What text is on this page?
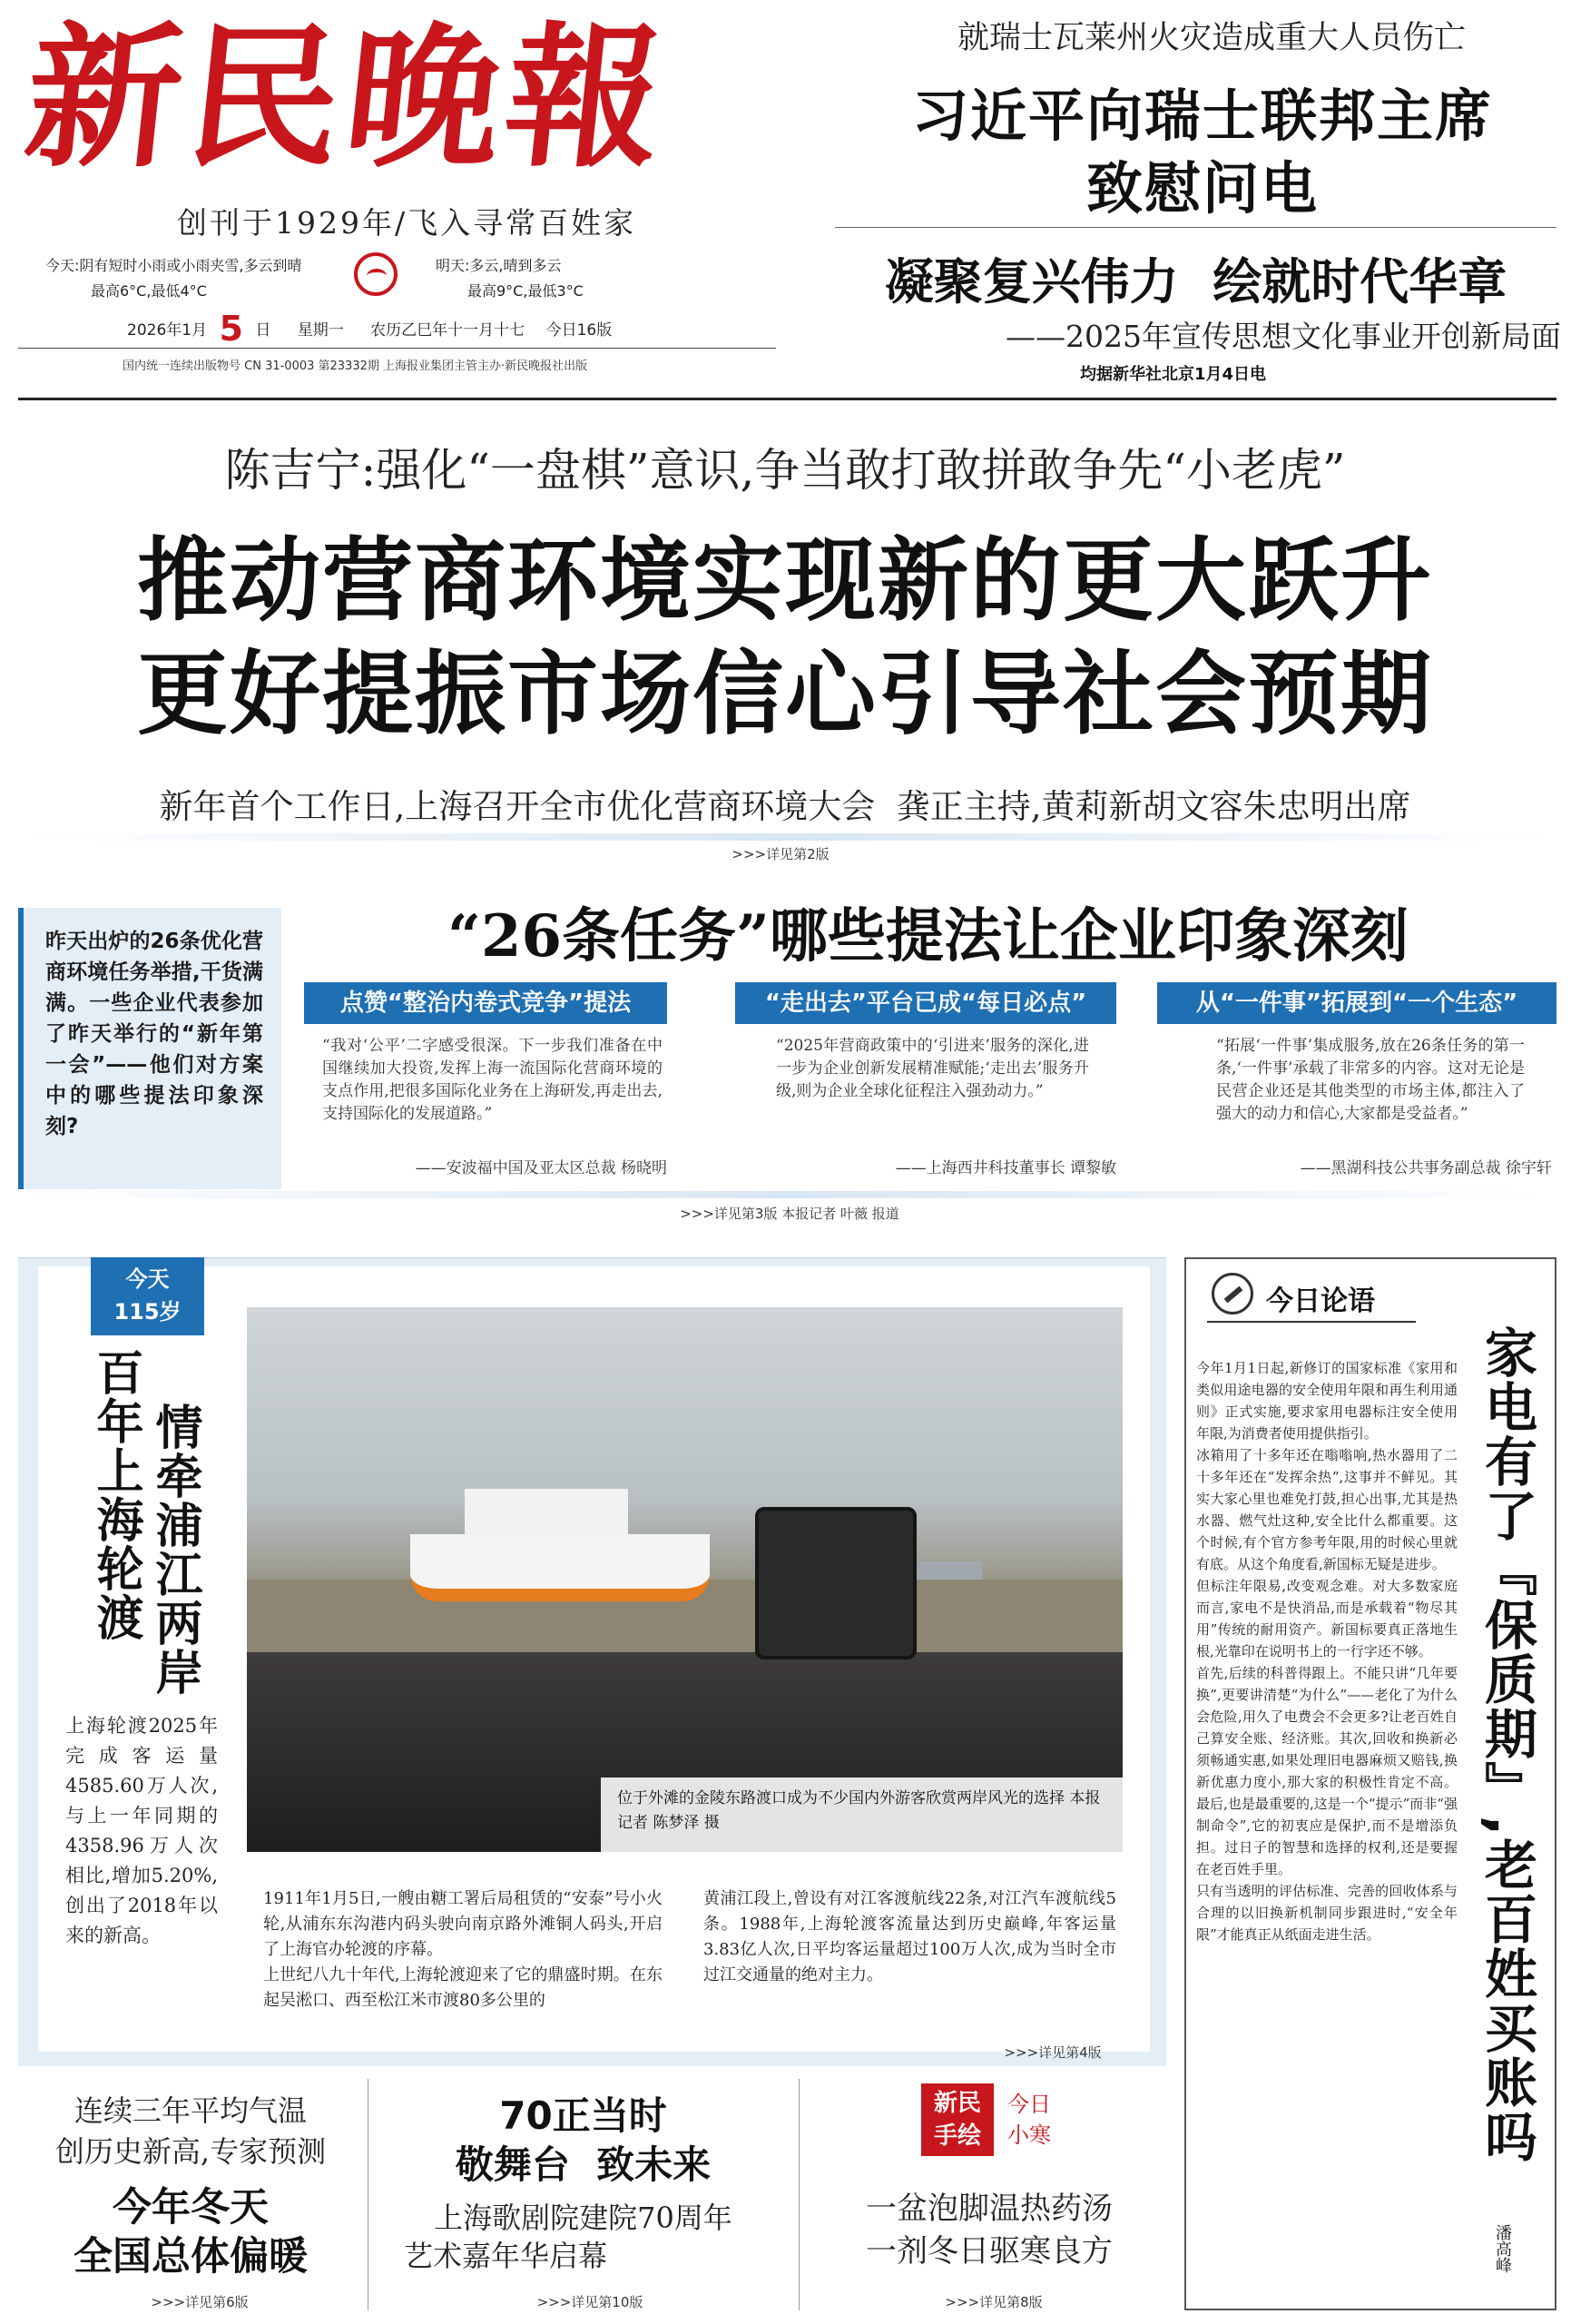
新民晚報
创刊于1929年/飞入寻常百姓家
今天:阴有短时小雨或小雨夹雪,多云到晴
最高6°C,最低4°C
明天:多云,晴到多云
最高9°C,最低3°C
2026年1月 5 日 星期一 农历乙巳年十一月十七 今日16版
国内统一连续出版物号 CN 31-0003 第23332期 上海报业集团主管主办·新民晚报社出版
就瑞士瓦莱州火灾造成重大人员伤亡
习近平向瑞士联邦主席
致慰问电
凝聚复兴伟力  绘就时代华章
——2025年宣传思想文化事业开创新局面
均据新华社北京1月4日电
陈吉宁:强化“一盘棋”意识,争当敢打敢拼敢争先“小老虎”
推动营商环境实现新的更大跃升
更好提振市场信心引导社会预期
新年首个工作日,上海召开全市优化营商环境大会  龚正主持,黄莉新胡文容朱忠明出席
>>>详见第2版
昨天出炉的26条优化营商环境任务举措,干货满满。一些企业代表参加了昨天举行的“新年第一会”——他们对方案中的哪些提法印象深刻?
“26条任务”哪些提法让企业印象深刻
点赞“整治内卷式竞争”提法
“我对‘公平’二字感受很深。下一步我们准备在中国继续加大投资,发挥上海一流国际化营商环境的支点作用,把很多国际化业务在上海研发,再走出去,支持国际化的发展道路。”
——安波福中国及亚太区总裁 杨晓明
“走出去”平台已成“每日必点”
“2025年营商政策中的‘引进来’服务的深化,进一步为企业创新发展精准赋能;‘走出去’服务升级,则为企业全球化征程注入强劲动力。”
——上海西井科技董事长 谭黎敏
从“一件事”拓展到“一个生态”
“拓展‘一件事’集成服务,放在26条任务的第一条,‘一件事’承载了非常多的内容。这对无论是民营企业还是其他类型的市场主体,都注入了强大的动力和信心,大家都是受益者。”
——黑湖科技公共事务副总裁 徐宇轩
>>>详见第3版 本报记者 叶薇 报道
今天
115岁
百年上海轮渡 情牵浦江两岸
上海轮渡2025年完成客运量4585.60万人次,与上一年同期的4358.96万人次相比,增加5.20%,创出了2018年以来的新高。
位于外滩的金陵东路渡口成为不少国内外游客欣赏两岸风光的选择 本报记者 陈梦泽 摄
1911年1月5日,一艘由糖工署后局租赁的“安泰”号小火轮,从浦东东沟港内码头驶向南京路外滩铜人码头,开启了上海官办轮渡的序幕。
上世纪八九十年代,上海轮渡迎来了它的鼎盛时期。在东起吴淞口、西至松江米市渡80多公里的
黄浦江段上,曾设有对江客渡航线22条,对江汽车渡航线5条。1988年,上海轮渡客流量达到历史巅峰,年客运量3.83亿人次,日平均客运量超过100万人次,成为当时全市过江交通量的绝对主力。
>>>详见第4版
今日论语
家电有了『保质期』,老百姓买账吗
今年1月1日起,新修订的国家标准《家用和类似用途电器的安全使用年限和再生利用通则》正式实施,要求家用电器标注安全使用年限,为消费者使用提供指引。
冰箱用了十多年还在嗡嗡响,热水器用了二十多年还在“发挥余热”,这事并不鲜见。其实大家心里也难免打鼓,担心出事,尤其是热水器、燃气灶这种,安全比什么都重要。这个时候,有个官方参考年限,用的时候心里就有底。从这个角度看,新国标无疑是进步。
但标注年限易,改变观念难。对大多数家庭而言,家电不是快消品,而是承载着“物尽其用”传统的耐用资产。新国标要真正落地生根,光靠印在说明书上的一行字还不够。
首先,后续的科普得跟上。不能只讲“几年要换”,更要讲清楚“为什么”——老化了为什么会危险,用久了电费会不会更多?让老百姓自己算安全账、经济账。其次,回收和换新必须畅通实惠,如果处理旧电器麻烦又赔钱,换新优惠力度小,那大家的积极性肯定不高。最后,也是最重要的,这是一个“提示”而非“强制命令”,它的初衷应是保护,而不是增添负担。过日子的智慧和选择的权利,还是要握在老百姓手里。
只有当透明的评估标准、完善的回收体系与合理的以旧换新机制同步跟进时,“安全年限”才能真正从纸面走进生活。
潘高峰
连续三年平均气温
创历史新高,专家预测
今年冬天
全国总体偏暖
>>>详见第6版
70正当时
敬舞台  致未来
上海歌剧院建院70周年
艺术嘉年华启幕
>>>详见第10版
新民手绘
今日
小寒
一盆泡脚温热药汤
一剂冬日驱寒良方
>>>详见第8版
